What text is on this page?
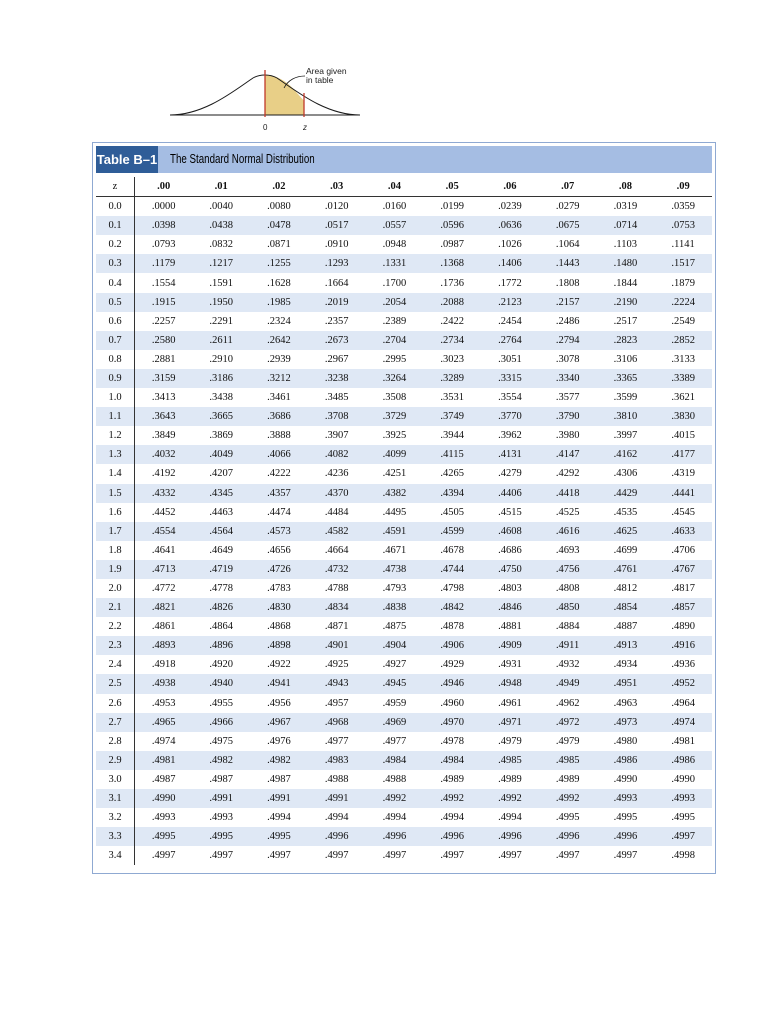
Area given
in table
0	z
Table B–1 The Standard Normal Distribution
z	.00	.01	.02	.03	.04	.05	.06	.07	.08	.09
0.0	.0000	.0040	.0080	.0120	.0160	.0199	.0239	.0279	.0319	.0359
0.1	.0398	.0438	.0478	.0517	.0557	.0596	.0636	.0675	.0714	.0753
0.2	.0793	.0832	.0871	.0910	.0948	.0987	.1026	.1064	.1103	.1141
0.3	.1179	.1217	.1255	.1293	.1331	.1368	.1406	.1443	.1480	.1517
0.4	.1554	.1591	.1628	.1664	.1700	.1736	.1772	.1808	.1844	.1879
0.5	.1915	.1950	.1985	.2019	.2054	.2088	.2123	.2157	.2190	.2224
0.6	.2257	.2291	.2324	.2357	.2389	.2422	.2454	.2486	.2517	.2549
0.7	.2580	.2611	.2642	.2673	.2704	.2734	.2764	.2794	.2823	.2852
0.8	.2881	.2910	.2939	.2967	.2995	.3023	.3051	.3078	.3106	.3133
0.9	.3159	.3186	.3212	.3238	.3264	.3289	.3315	.3340	.3365	.3389
1.0	.3413	.3438	.3461	.3485	.3508	.3531	.3554	.3577	.3599	.3621
1.1	.3643	.3665	.3686	.3708	.3729	.3749	.3770	.3790	.3810	.3830
1.2	.3849	.3869	.3888	.3907	.3925	.3944	.3962	.3980	.3997	.4015
1.3	.4032	.4049	.4066	.4082	.4099	.4115	.4131	.4147	.4162	.4177
1.4	.4192	.4207	.4222	.4236	.4251	.4265	.4279	.4292	.4306	.4319
1.5	.4332	.4345	.4357	.4370	.4382	.4394	.4406	.4418	.4429	.4441
1.6	.4452	.4463	.4474	.4484	.4495	.4505	.4515	.4525	.4535	.4545
1.7	.4554	.4564	.4573	.4582	.4591	.4599	.4608	.4616	.4625	.4633
1.8	.4641	.4649	.4656	.4664	.4671	.4678	.4686	.4693	.4699	.4706
1.9	.4713	.4719	.4726	.4732	.4738	.4744	.4750	.4756	.4761	.4767
2.0	.4772	.4778	.4783	.4788	.4793	.4798	.4803	.4808	.4812	.4817
2.1	.4821	.4826	.4830	.4834	.4838	.4842	.4846	.4850	.4854	.4857
2.2	.4861	.4864	.4868	.4871	.4875	.4878	.4881	.4884	.4887	.4890
2.3	.4893	.4896	.4898	.4901	.4904	.4906	.4909	.4911	.4913	.4916
2.4	.4918	.4920	.4922	.4925	.4927	.4929	.4931	.4932	.4934	.4936
2.5	.4938	.4940	.4941	.4943	.4945	.4946	.4948	.4949	.4951	.4952
2.6	.4953	.4955	.4956	.4957	.4959	.4960	.4961	.4962	.4963	.4964
2.7	.4965	.4966	.4967	.4968	.4969	.4970	.4971	.4972	.4973	.4974
2.8	.4974	.4975	.4976	.4977	.4977	.4978	.4979	.4979	.4980	.4981
2.9	.4981	.4982	.4982	.4983	.4984	.4984	.4985	.4985	.4986	.4986
3.0	.4987	.4987	.4987	.4988	.4988	.4989	.4989	.4989	.4990	.4990
3.1	.4990	.4991	.4991	.4991	.4992	.4992	.4992	.4992	.4993	.4993
3.2	.4993	.4993	.4994	.4994	.4994	.4994	.4994	.4995	.4995	.4995
3.3	.4995	.4995	.4995	.4996	.4996	.4996	.4996	.4996	.4996	.4997
3.4	.4997	.4997	.4997	.4997	.4997	.4997	.4997	.4997	.4997	.4998
